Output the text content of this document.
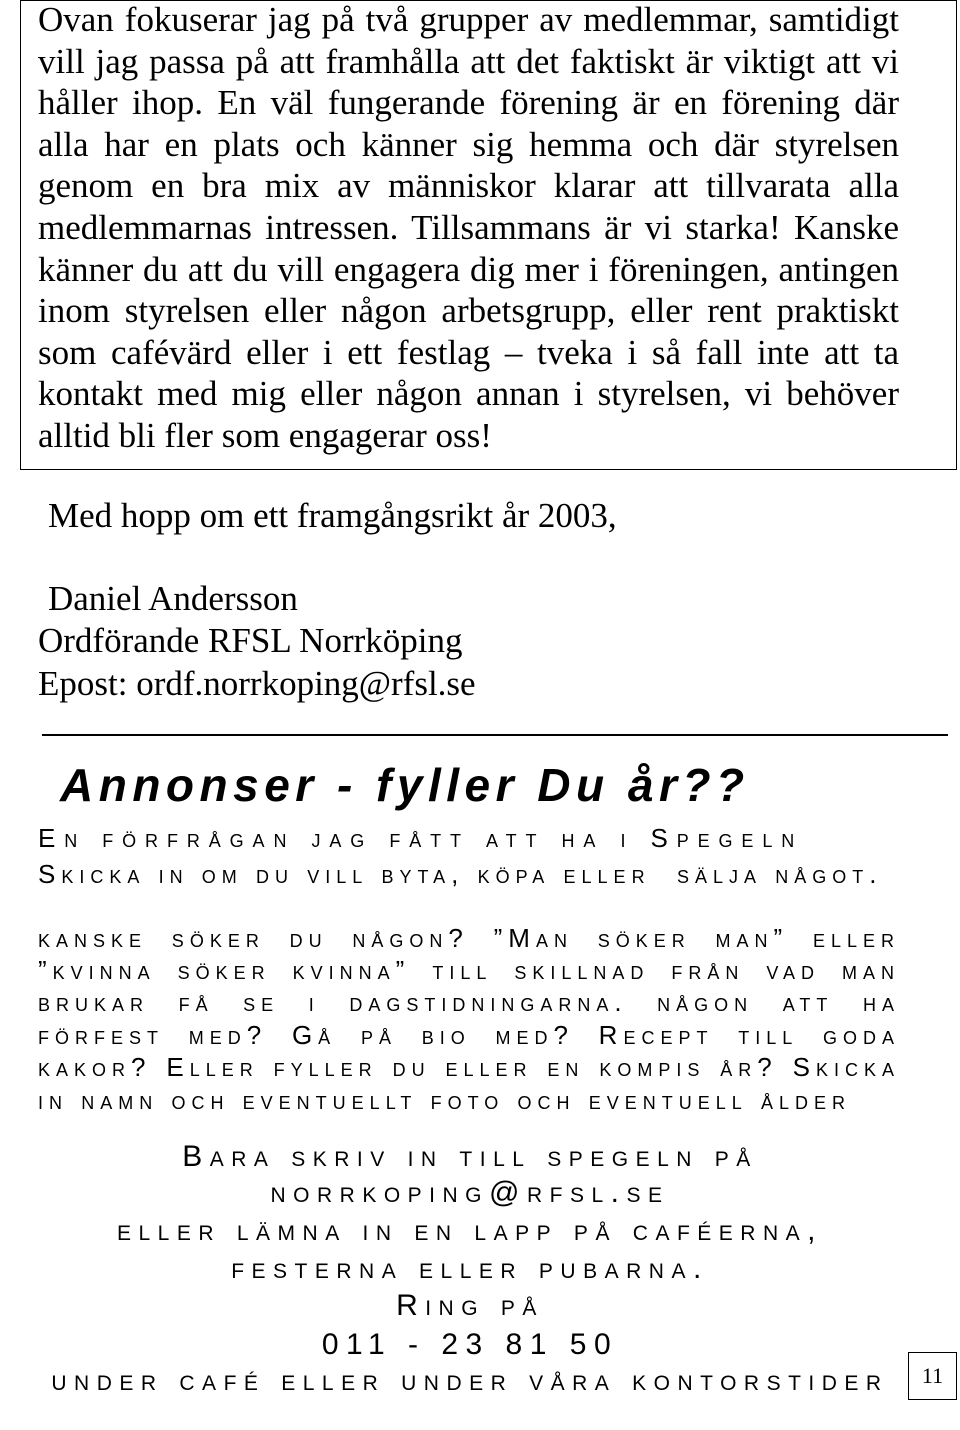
Ovan fokuserar jag på två grupper av medlemmar, samtidigt
vill jag passa på att framhålla att det faktiskt är viktigt att vi
håller ihop. En väl fungerande förening är en förening där
alla har en plats och känner sig hemma och där styrelsen
genom en bra mix av människor klarar att tillvarata alla
medlemmarnas intressen. Tillsammans är vi starka! Kanske
känner du att du vill engagera dig mer i föreningen, antingen
inom styrelsen eller någon arbetsgrupp, eller rent praktiskt
som cafévärd eller i ett festlag – tveka i så fall inte att ta
kontakt med mig eller någon annan i styrelsen, vi behöver
alltid bli fler som engagerar oss!
Med hopp om ett framgångsrikt år 2003,
Daniel Andersson
Ordförande RFSL Norrköping
Epost: ordf.norrkoping@rfsl.se
Annonser - fyller Du år??
En förfrågan jag fått att ha i Spegeln
Skicka in om du vill byta, köpa eller  sälja något.
kanske söker du någon? ”Man söker man” eller
”kvinna söker kvinna” till skillnad från vad man
brukar få se i dagstidningarna. någon att ha
förfest med? Gå på bio med? Recept till goda
kakor? Eller fyller du eller en kompis år? Skicka
in namn och eventuellt foto och eventuell ålder
Bara skriv in till spegeln på
norrkoping@rfsl.se
eller lämna in en lapp på caféerna,
festerna eller pubarna.
Ring på
011 - 23 81 50
under café eller under våra kontorstider	11
